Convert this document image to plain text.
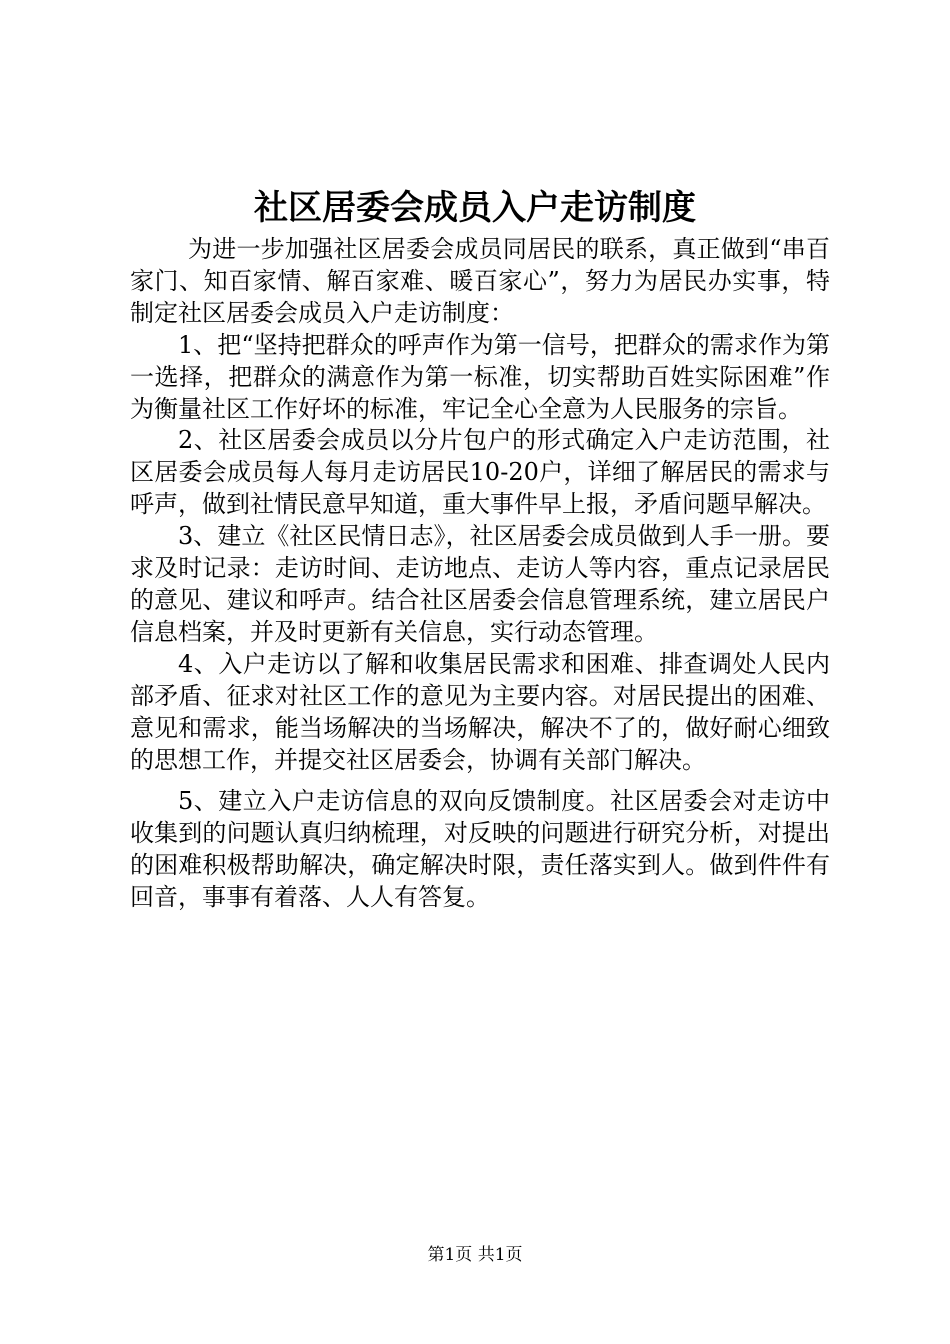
社区居委会成员入户走访制度

为进一步加强社区居委会成员同居民的联系，真正做到“串百家门、知百家情、解百家难、暖百家心”，努力为居民办实事，特制定社区居委会成员入户走访制度：

1、把“坚持把群众的呼声作为第一信号，把群众的需求作为第一选择，把群众的满意作为第一标准，切实帮助百姓实际困难”作为衡量社区工作好坏的标准，牢记全心全意为人民服务的宗旨。

2、社区居委会成员以分片包户的形式确定入户走访范围，社区居委会成员每人每月走访居民10-20户，详细了解居民的需求与呼声，做到社情民意早知道，重大事件早上报，矛盾问题早解决。

3、建立《社区民情日志》，社区居委会成员做到人手一册。要求及时记录：走访时间、走访地点、走访人等内容，重点记录居民的意见、建议和呼声。结合社区居委会信息管理系统，建立居民户信息档案，并及时更新有关信息，实行动态管理。

4、入户走访以了解和收集居民需求和困难、排查调处人民内部矛盾、征求对社区工作的意见为主要内容。对居民提出的困难、意见和需求，能当场解决的当场解决，解决不了的，做好耐心细致的思想工作，并提交社区居委会，协调有关部门解决。

5、建立入户走访信息的双向反馈制度。社区居委会对走访中收集到的问题认真归纳梳理，对反映的问题进行研究分析，对提出的困难积极帮助解决，确定解决时限，责任落实到人。做到件件有回音，事事有着落、人人有答复。

第1页 共1页
